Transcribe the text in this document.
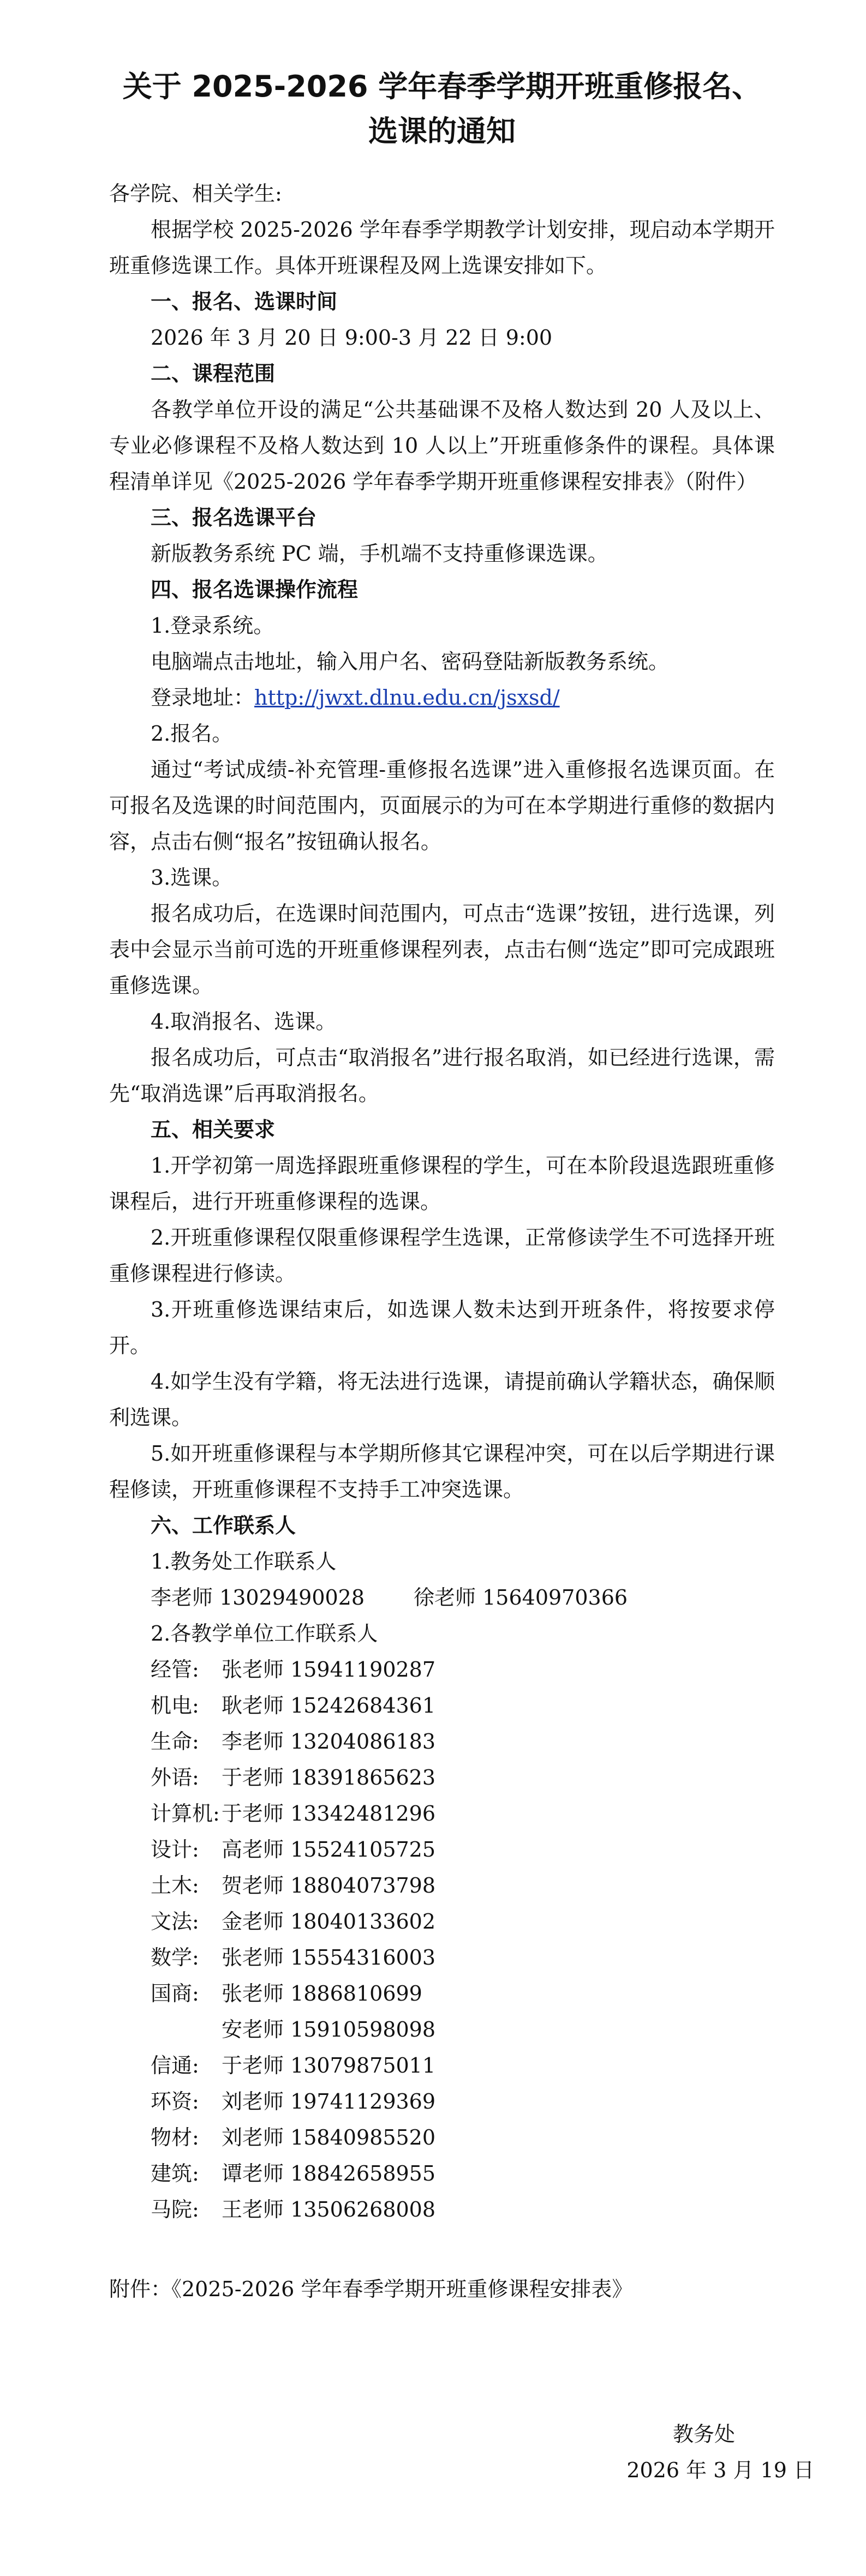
关于 2025-2026 学年春季学期开班重修报名、
选课的通知

各学院、相关学生:

根据学校 2025-2026 学年春季学期教学计划安排，现启动本学期开班重修选课工作。具体开班课程及网上选课安排如下。

一、报名、选课时间

2026 年 3 月 20 日 9:00-3 月 22 日 9:00

二、课程范围

各教学单位开设的满足“公共基础课不及格人数达到 20 人及以上、专业必修课程不及格人数达到 10 人以上”开班重修条件的课程。具体课程清单详见《2025-2026 学年春季学期开班重修课程安排表》（附件）

三、报名选课平台

新版教务系统 PC 端，手机端不支持重修课选课。

四、报名选课操作流程

1.登录系统。

电脑端点击地址，输入用户名、密码登陆新版教务系统。

登录地址：http://jwxt.dlnu.edu.cn/jsxsd/

2.报名。

通过“考试成绩-补充管理-重修报名选课”进入重修报名选课页面。在可报名及选课的时间范围内，页面展示的为可在本学期进行重修的数据内容，点击右侧“报名”按钮确认报名。

3.选课。

报名成功后，在选课时间范围内，可点击“选课”按钮，进行选课，列表中会显示当前可选的开班重修课程列表，点击右侧“选定”即可完成跟班重修选课。

4.取消报名、选课。

报名成功后，可点击“取消报名”进行报名取消，如已经进行选课，需先“取消选课”后再取消报名。

五、相关要求

1.开学初第一周选择跟班重修课程的学生，可在本阶段退选跟班重修课程后，进行开班重修课程的选课。

2.开班重修课程仅限重修课程学生选课，正常修读学生不可选择开班重修课程进行修读。

3.开班重修选课结束后，如选课人数未达到开班条件，将按要求停开。

4.如学生没有学籍，将无法进行选课，请提前确认学籍状态，确保顺利选课。

5.如开班重修课程与本学期所修其它课程冲突，可在以后学期进行课程修读，开班重修课程不支持手工冲突选课。

六、工作联系人

1.教务处工作联系人

李老师 13029490028 徐老师 15640970366

2.各教学单位工作联系人

经管:	张老师 15941190287

机电:	耿老师 15242684361

生命:	李老师 13204086183

外语:	于老师 18391865623

计算机: 于老师 13342481296

设计:	高老师 15524105725

土木:	贺老师 18804073798

文法:	金老师 18040133602

数学:	张老师 15554316003

国商:	张老师 1886810699

安老师 15910598098

信通:	于老师 13079875011

环资:	刘老师 19741129369

物材:	刘老师 15840985520

建筑:	谭老师 18842658955

马院:	王老师 13506268008

附件：《2025-2026 学年春季学期开班重修课程安排表》

教务处
2026 年 3 月 19 日
